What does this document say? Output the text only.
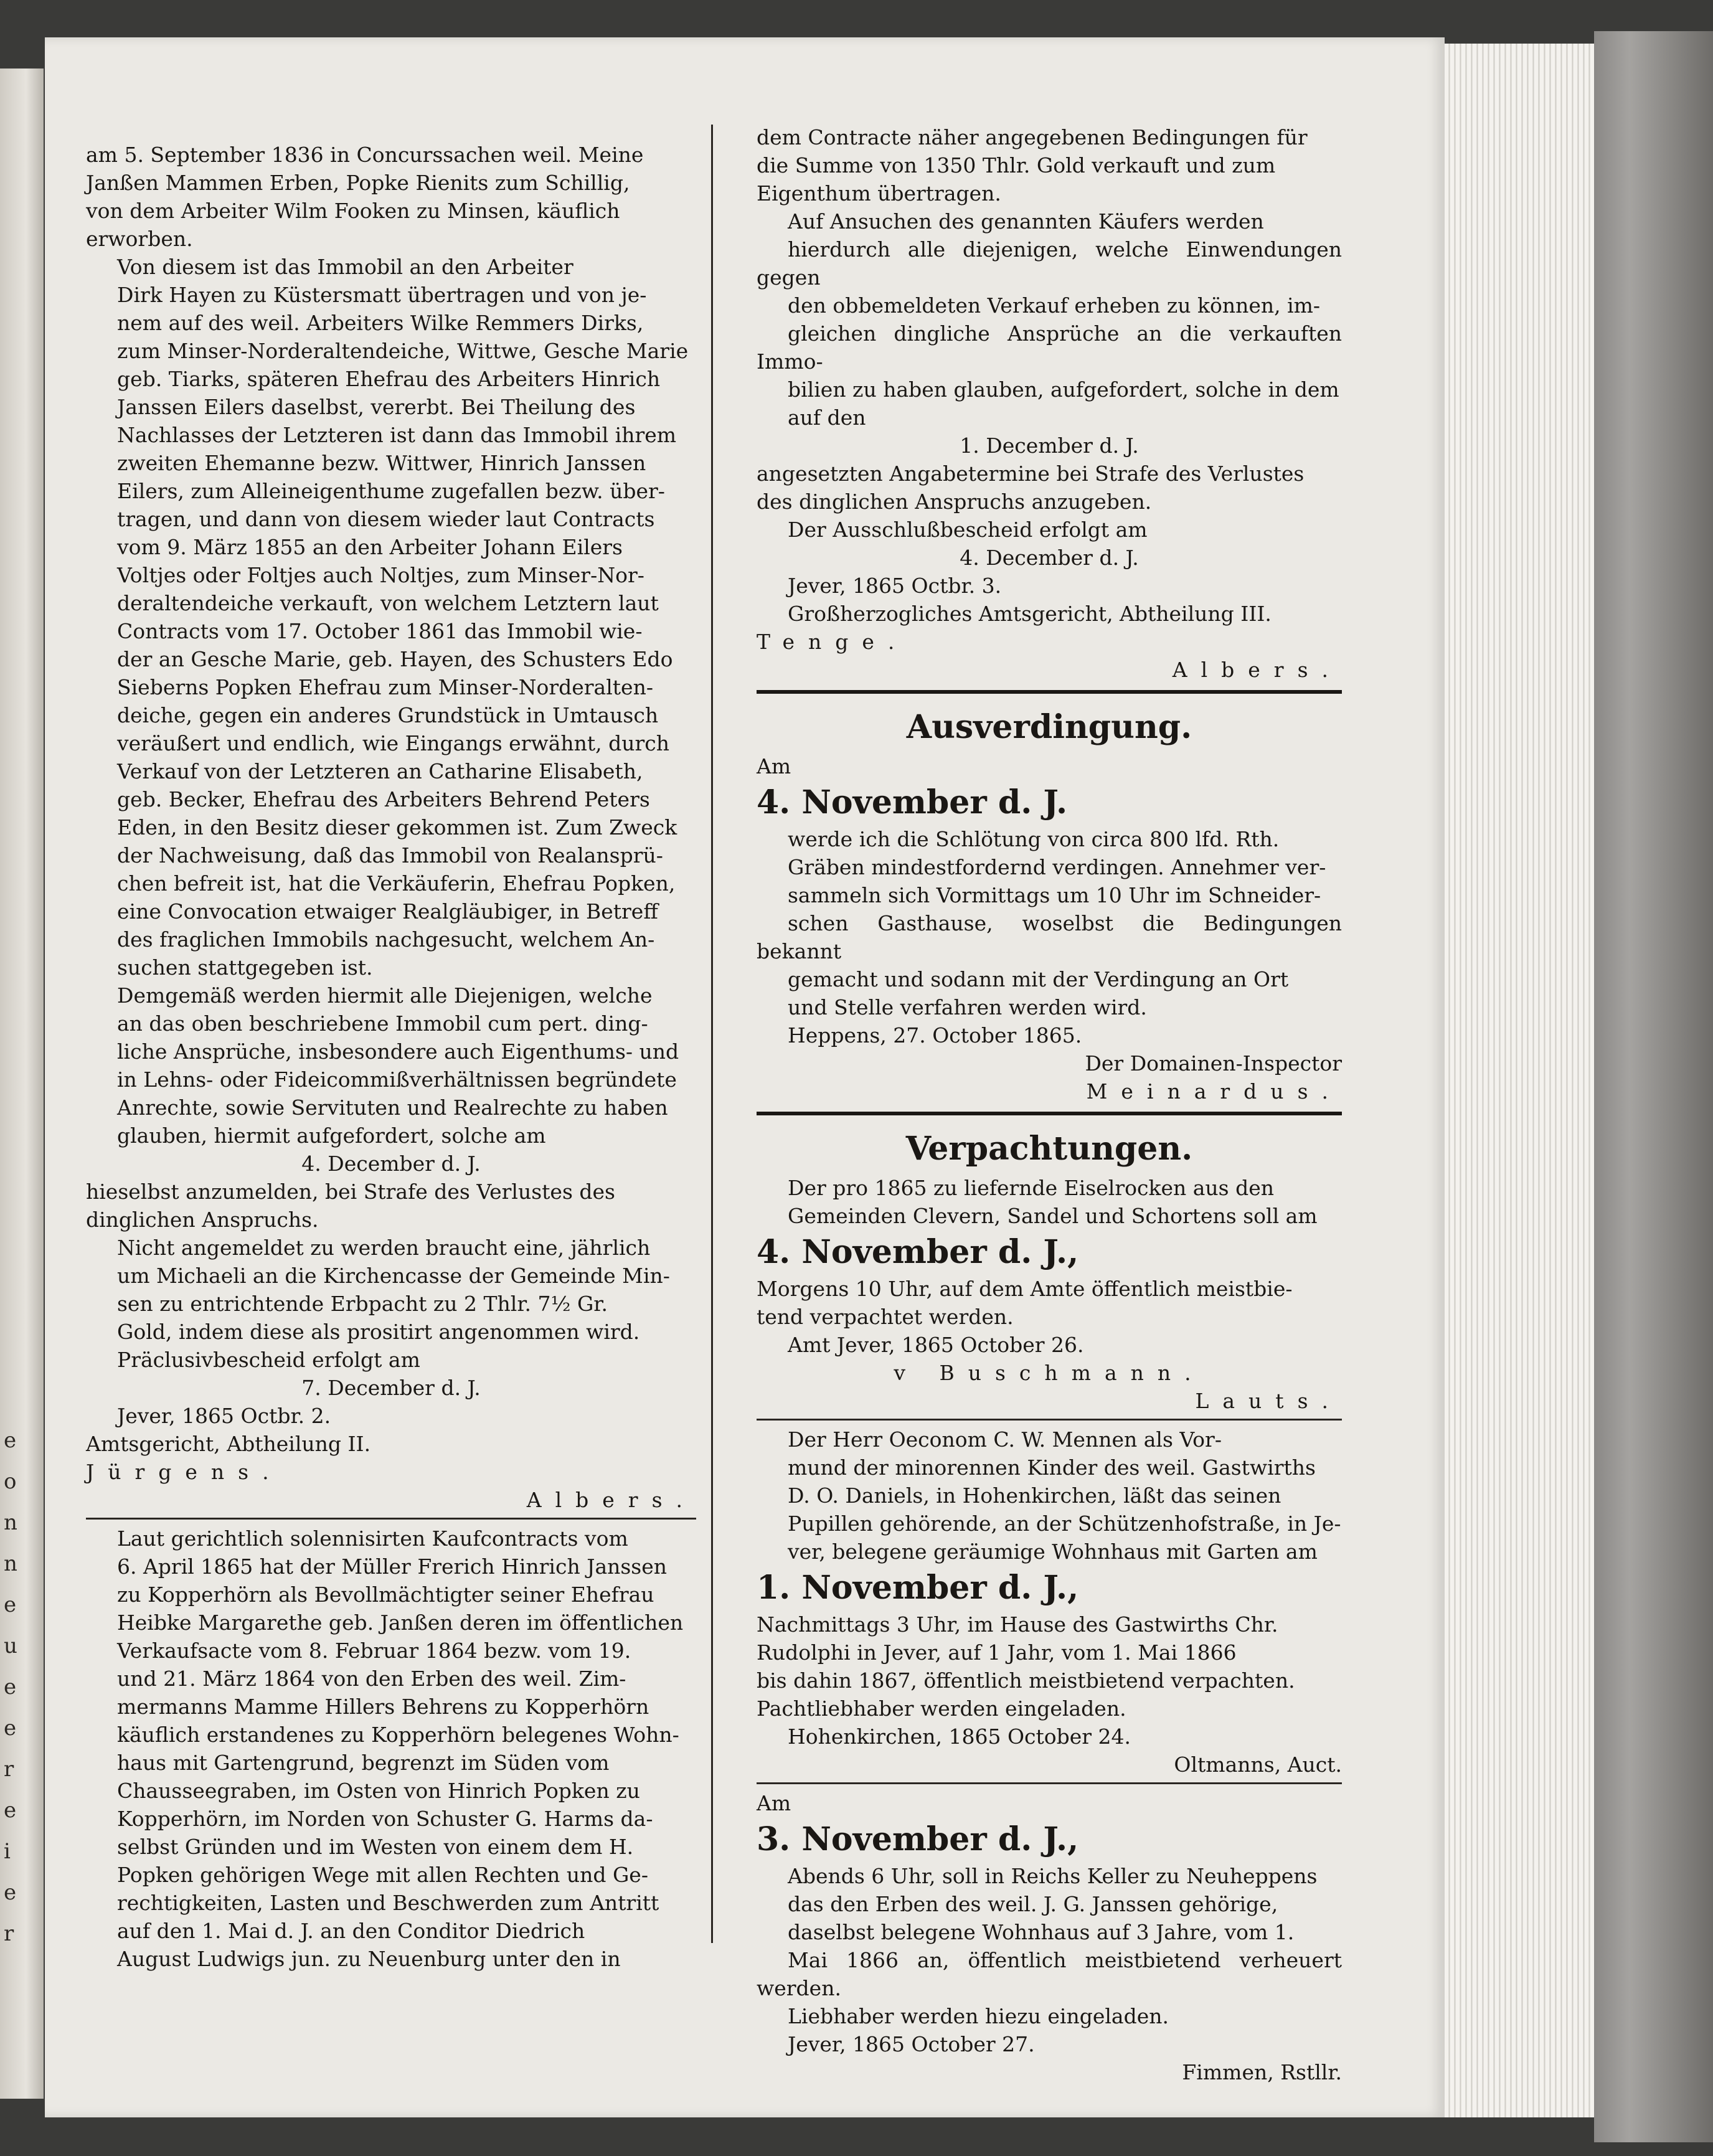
e
o
n
n
e
u
e
e
r
e
i
e
r

am 5. September 1836 in Concurssachen weil. Meine

Janßen Mammen Erben, Popke Rienits zum Schillig,

von dem Arbeiter Wilm Fooken zu Minsen, käuflich

erworben.

Von diesem ist das Immobil an den Arbeiter

Dirk Hayen zu Küstersmatt übertragen und von je-

nem auf des weil. Arbeiters Wilke Remmers Dirks,

zum Minser-Norderaltendeiche, Wittwe, Gesche Marie

geb. Tiarks, späteren Ehefrau des Arbeiters Hinrich

Janssen Eilers daselbst, vererbt. Bei Theilung des

Nachlasses der Letzteren ist dann das Immobil ihrem

zweiten Ehemanne bezw. Wittwer, Hinrich Janssen

Eilers, zum Alleineigenthume zugefallen bezw. über-

tragen, und dann von diesem wieder laut Contracts

vom 9. März 1855 an den Arbeiter Johann Eilers

Voltjes oder Foltjes auch Noltjes, zum Minser-Nor-

deraltendeiche verkauft, von welchem Letztern laut

Contracts vom 17. October 1861 das Immobil wie-

der an Gesche Marie, geb. Hayen, des Schusters Edo

Sieberns Popken Ehefrau zum Minser-Norderalten-

deiche, gegen ein anderes Grundstück in Umtausch

veräußert und endlich, wie Eingangs erwähnt, durch

Verkauf von der Letzteren an Catharine Elisabeth,

geb. Becker, Ehefrau des Arbeiters Behrend Peters

Eden, in den Besitz dieser gekommen ist. Zum Zweck

der Nachweisung, daß das Immobil von Realansprü-

chen befreit ist, hat die Verkäuferin, Ehefrau Popken,

eine Convocation etwaiger Realgläubiger, in Betreff

des fraglichen Immobils nachgesucht, welchem An-

suchen stattgegeben ist.

Demgemäß werden hiermit alle Diejenigen, welche

an das oben beschriebene Immobil cum pert. ding-

liche Ansprüche, insbesondere auch Eigenthums- und

in Lehns- oder Fideicommißverhältnissen begründete

Anrechte, sowie Servituten und Realrechte zu haben

glauben, hiermit aufgefordert, solche am

4. December d. J.

hieselbst anzumelden, bei Strafe des Verlustes des

dinglichen Anspruchs.

Nicht angemeldet zu werden braucht eine, jährlich

um Michaeli an die Kirchencasse der Gemeinde Min-

sen zu entrichtende Erbpacht zu 2 Thlr. 7½ Gr.

Gold, indem diese als prositirt angenommen wird.

Präclusivbescheid erfolgt am

7. December d. J.

Jever, 1865 Octbr. 2.

Amtsgericht, Abtheilung II.

Jürgens.

Albers.

Laut gerichtlich solennisirten Kaufcontracts vom

6. April 1865 hat der Müller Frerich Hinrich Janssen

zu Kopperhörn als Bevollmächtigter seiner Ehefrau

Heibke Margarethe geb. Janßen deren im öffentlichen

Verkaufsacte vom 8. Februar 1864 bezw. vom 19.

und 21. März 1864 von den Erben des weil. Zim-

mermanns Mamme Hillers Behrens zu Kopperhörn

käuflich erstandenes zu Kopperhörn belegenes Wohn-

haus mit Gartengrund, begrenzt im Süden vom

Chausseegraben, im Osten von Hinrich Popken zu

Kopperhörn, im Norden von Schuster G. Harms da-

selbst Gründen und im Westen von einem dem H.

Popken gehörigen Wege mit allen Rechten und Ge-

rechtigkeiten, Lasten und Beschwerden zum Antritt

auf den 1. Mai d. J. an den Conditor Diedrich

August Ludwigs jun. zu Neuenburg unter den in

dem Contracte näher angegebenen Bedingungen für

die Summe von 1350 Thlr. Gold verkauft und zum

Eigenthum übertragen.

Auf Ansuchen des genannten Käufers werden

hierdurch alle diejenigen, welche Einwendungen gegen

den obbemeldeten Verkauf erheben zu können, im-

gleichen dingliche Ansprüche an die verkauften Immo-

bilien zu haben glauben, aufgefordert, solche in dem

auf den

1. December d. J.

angesetzten Angabetermine bei Strafe des Verlustes

des dinglichen Anspruchs anzugeben.

Der Ausschlußbescheid erfolgt am

4. December d. J.

Jever, 1865 Octbr. 3.

Großherzogliches Amtsgericht, Abtheilung III.

Tenge.

Albers.

Ausverdingung.

Am

4. November d. J.

werde ich die Schlötung von circa 800 lfd. Rth.

Gräben mindestfordernd verdingen. Annehmer ver-

sammeln sich Vormittags um 10 Uhr im Schneider-

schen Gasthause, woselbst die Bedingungen bekannt

gemacht und sodann mit der Verdingung an Ort

und Stelle verfahren werden wird.

Heppens, 27. October 1865.

Der Domainen-Inspector

Meinardus.

Verpachtungen.

Der pro 1865 zu liefernde Eiselrocken aus den

Gemeinden Clevern, Sandel und Schortens soll am

4. November d. J.,

Morgens 10 Uhr, auf dem Amte öffentlich meistbie-

tend verpachtet werden.

Amt Jever, 1865 October 26.

v Buschmann.

Lauts.

Der Herr Oeconom C. W. Mennen als Vor-

mund der minorennen Kinder des weil. Gastwirths

D. O. Daniels, in Hohenkirchen, läßt das seinen

Pupillen gehörende, an der Schützenhofstraße, in Je-

ver, belegene geräumige Wohnhaus mit Garten am

1. November d. J.,

Nachmittags 3 Uhr, im Hause des Gastwirths Chr.

Rudolphi in Jever, auf 1 Jahr, vom 1. Mai 1866

bis dahin 1867, öffentlich meistbietend verpachten.

Pachtliebhaber werden eingeladen.

Hohenkirchen, 1865 October 24.

Oltmanns, Auct.

Am

3. November d. J.,

Abends 6 Uhr, soll in Reichs Keller zu Neuheppens

das den Erben des weil. J. G. Janssen gehörige,

daselbst belegene Wohnhaus auf 3 Jahre, vom 1.

Mai 1866 an, öffentlich meistbietend verheuert werden.

Liebhaber werden hiezu eingeladen.

Jever, 1865 October 27.

Fimmen, Rstllr.
